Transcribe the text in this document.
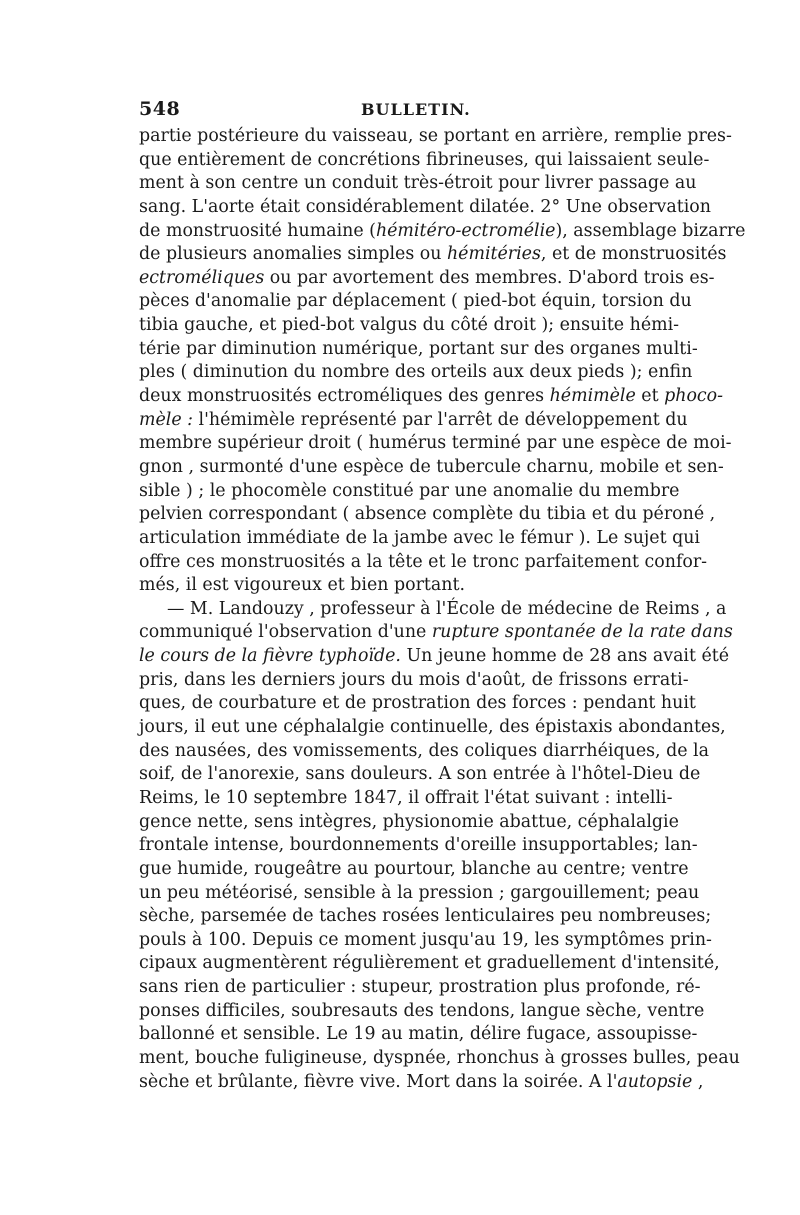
548	BULLETIN.
partie postérieure du vaisseau, se portant en arrière, remplie pres-
que entièrement de concrétions fibrineuses, qui laissaient seule-
ment à son centre un conduit très-étroit pour livrer passage au
sang. L'aorte était considérablement dilatée. 2° Une observation
de monstruosité humaine (hémitéro-ectromélie), assemblage bizarre
de plusieurs anomalies simples ou hémitéries, et de monstruosités
ectroméliques ou par avortement des membres. D'abord trois es-
pèces d'anomalie par déplacement ( pied-bot équin, torsion du
tibia gauche, et pied-bot valgus du côté droit ); ensuite hémi-
térie par diminution numérique, portant sur des organes multi-
ples ( diminution du nombre des orteils aux deux pieds ); enfin
deux monstruosités ectroméliques des genres hémimèle et phoco-
mèle : l'hémimèle représenté par l'arrêt de développement du
membre supérieur droit ( humérus terminé par une espèce de moi-
gnon , surmonté d'une espèce de tubercule charnu, mobile et sen-
sible ) ; le phocomèle constitué par une anomalie du membre
pelvien correspondant ( absence complète du tibia et du péroné ,
articulation immédiate de la jambe avec le fémur ). Le sujet qui
offre ces monstruosités a la tête et le tronc parfaitement confor-
més, il est vigoureux et bien portant.
— M. Landouzy , professeur à l'École de médecine de Reims , a
communiqué l'observation d'une rupture spontanée de la rate dans
le cours de la fièvre typhoïde. Un jeune homme de 28 ans avait été
pris, dans les derniers jours du mois d'août, de frissons errati-
ques, de courbature et de prostration des forces : pendant huit
jours, il eut une céphalalgie continuelle, des épistaxis abondantes,
des nausées, des vomissements, des coliques diarrhéiques, de la
soif, de l'anorexie, sans douleurs. A son entrée à l'hôtel-Dieu de
Reims, le 10 septembre 1847, il offrait l'état suivant : intelli-
gence nette, sens intègres, physionomie abattue, céphalalgie
frontale intense, bourdonnements d'oreille insupportables; lan-
gue humide, rougeâtre au pourtour, blanche au centre; ventre
un peu météorisé, sensible à la pression ; gargouillement; peau
sèche, parsemée de taches rosées lenticulaires peu nombreuses;
pouls à 100. Depuis ce moment jusqu'au 19, les symptômes prin-
cipaux augmentèrent régulièrement et graduellement d'intensité,
sans rien de particulier : stupeur, prostration plus profonde, ré-
ponses difficiles, soubresauts des tendons, langue sèche, ventre
ballonné et sensible. Le 19 au matin, délire fugace, assoupisse-
ment, bouche fuligineuse, dyspnée, rhonchus à grosses bulles, peau
sèche et brûlante, fièvre vive. Mort dans la soirée. A l'autopsie ,
